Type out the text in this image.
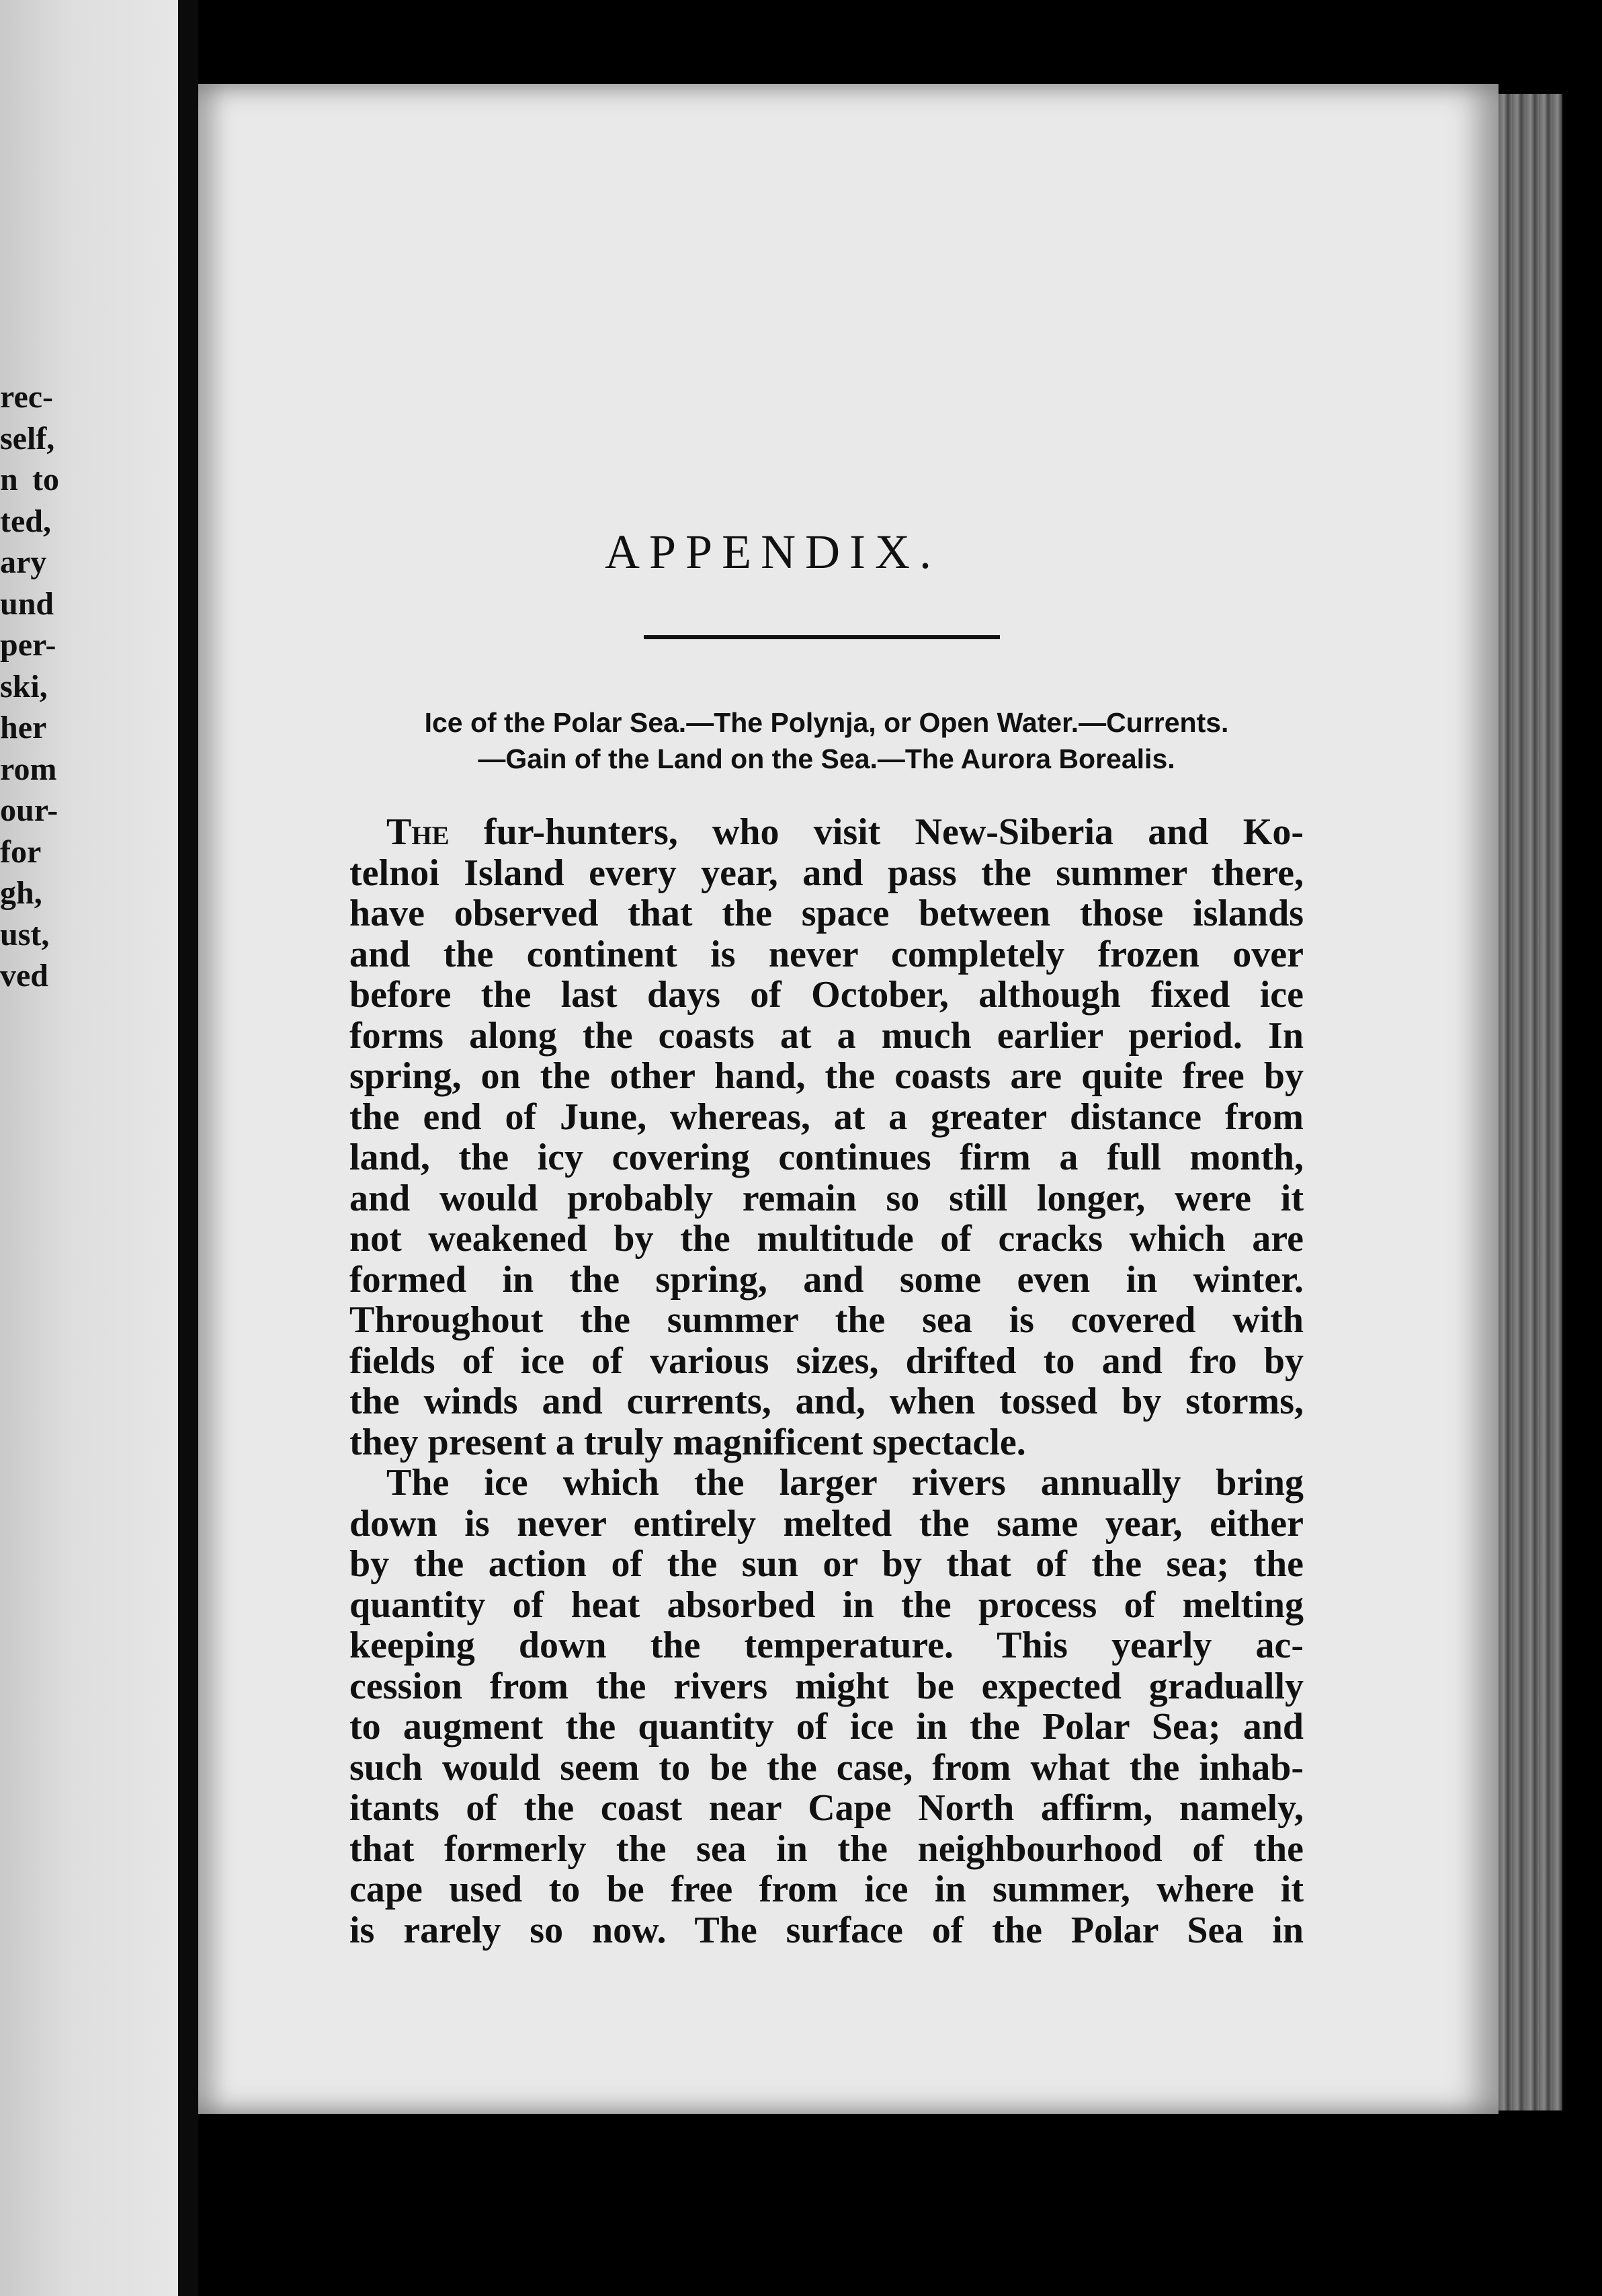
rec-
self,
n to
ted,
ary
und
per-
ski,
her
rom
our-
for
gh,
ust,
ved
APPENDIX.
Ice of the Polar Sea.—The Polynja, or Open Water.—Currents.
—Gain of the Land on the Sea.—The Aurora Borealis.
The fur-hunters, who visit New-Siberia and Ko-
telnoi Island every year, and pass the summer there,
have observed that the space between those islands
and the continent is never completely frozen over
before the last days of October, although fixed ice
forms along the coasts at a much earlier period. In
spring, on the other hand, the coasts are quite free by
the end of June, whereas, at a greater distance from
land, the icy covering continues firm a full month,
and would probably remain so still longer, were it
not weakened by the multitude of cracks which are
formed in the spring, and some even in winter.
Throughout the summer the sea is covered with
fields of ice of various sizes, drifted to and fro by
the winds and currents, and, when tossed by storms,
they present a truly magnificent spectacle.
The ice which the larger rivers annually bring
down is never entirely melted the same year, either
by the action of the sun or by that of the sea; the
quantity of heat absorbed in the process of melting
keeping down the temperature. This yearly ac-
cession from the rivers might be expected gradually
to augment the quantity of ice in the Polar Sea; and
such would seem to be the case, from what the inhab-
itants of the coast near Cape North affirm, namely,
that formerly the sea in the neighbourhood of the
cape used to be free from ice in summer, where it
is rarely so now. The surface of the Polar Sea in
